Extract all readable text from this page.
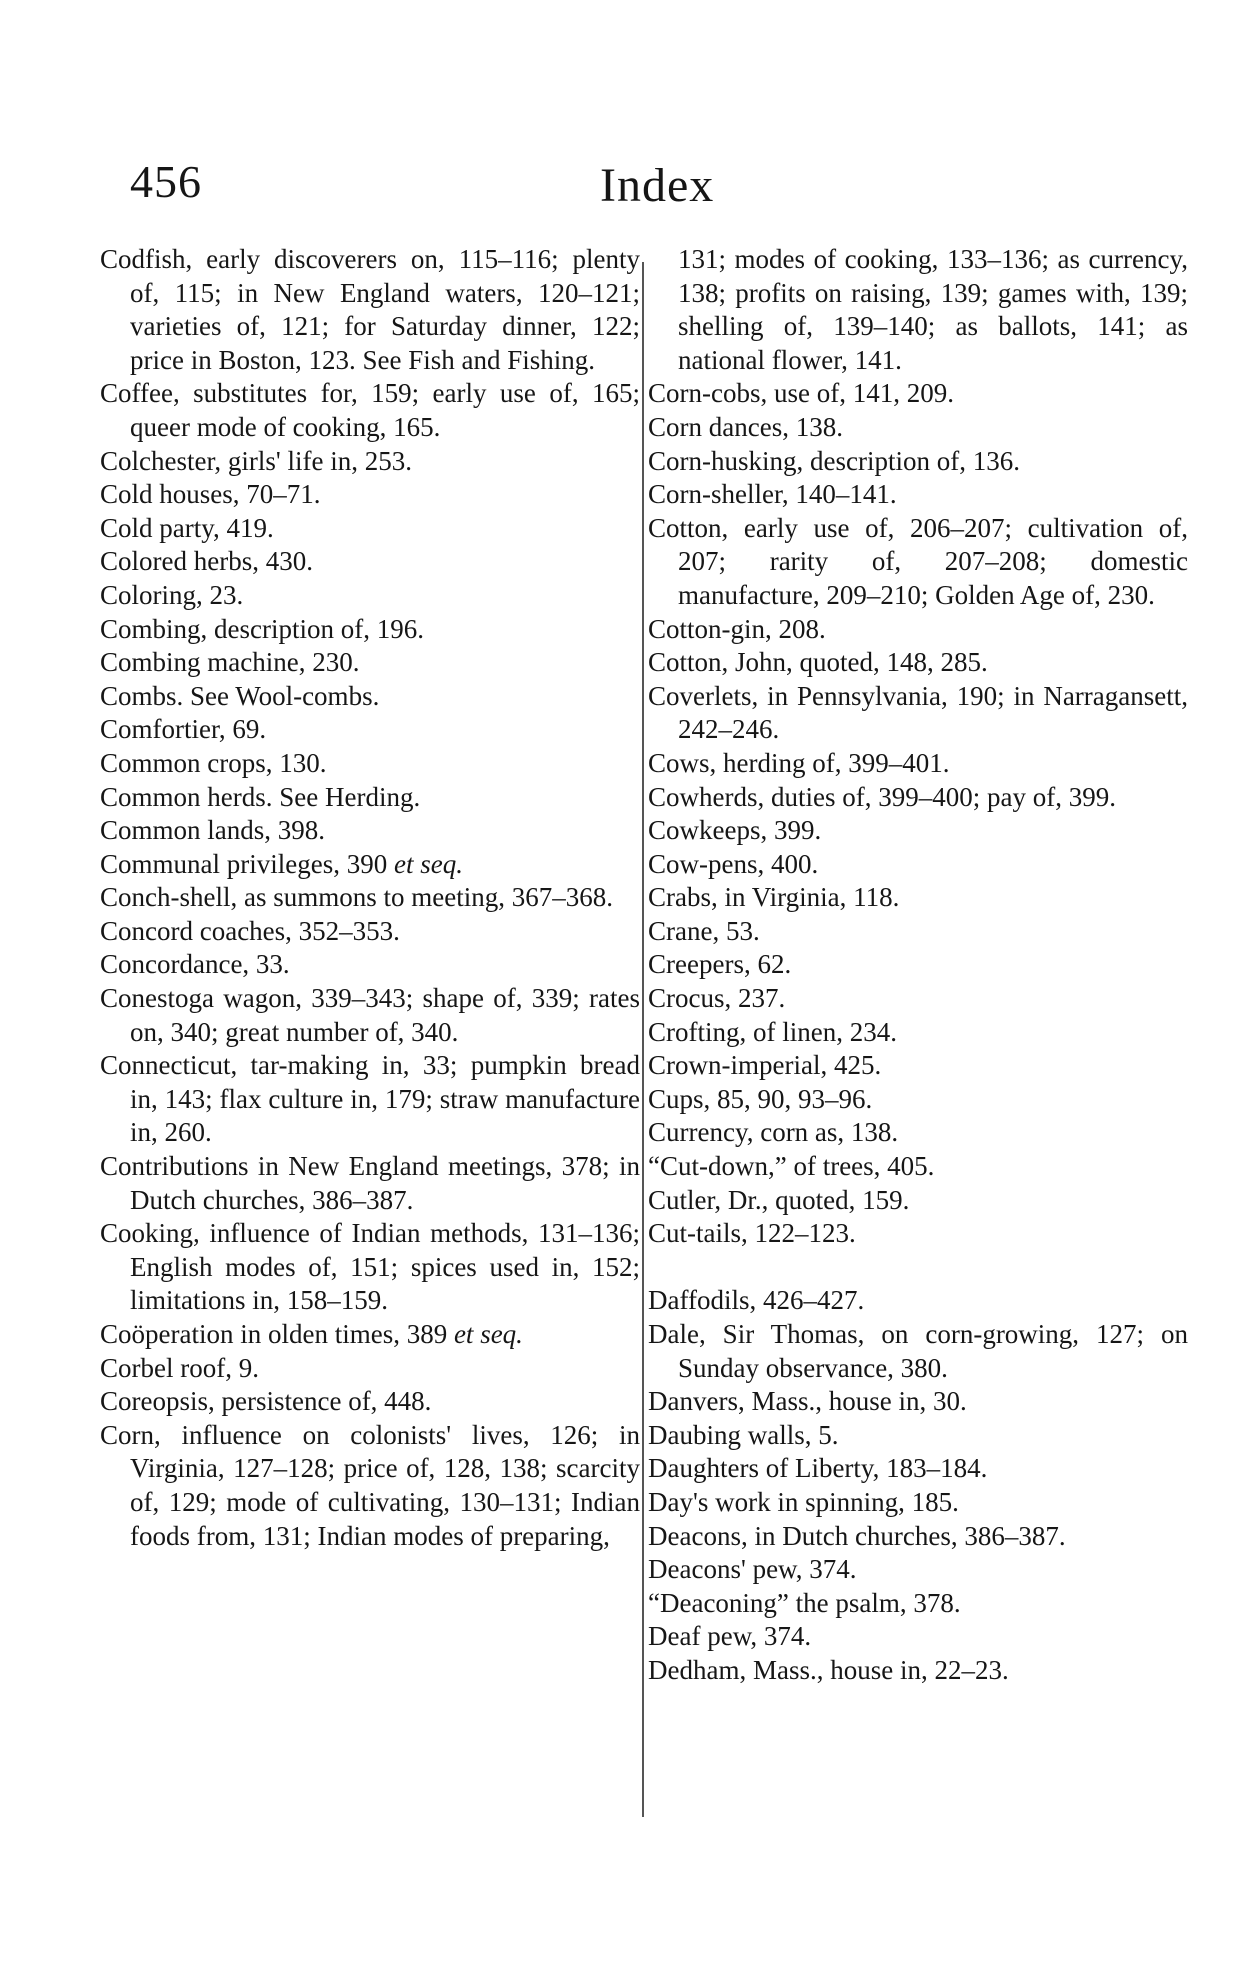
456	Index

Codfish, early discoverers on, 115–116; plenty of, 115; in New England waters, 120–121; varieties of, 121; for Saturday dinner, 122; price in Boston, 123. See Fish and Fishing.

Coffee, substitutes for, 159; early use of, 165; queer mode of cooking, 165.

Colchester, girls' life in, 253.

Cold houses, 70–71.

Cold party, 419.

Colored herbs, 430.

Coloring, 23.

Combing, description of, 196.

Combing machine, 230.

Combs. See Wool-combs.

Comfortier, 69.

Common crops, 130.

Common herds. See Herding.

Common lands, 398.

Communal privileges, 390 et seq.

Conch-shell, as summons to meeting, 367–368.

Concord coaches, 352–353.

Concordance, 33.

Conestoga wagon, 339–343; shape of, 339; rates on, 340; great number of, 340.

Connecticut, tar-making in, 33; pumpkin bread in, 143; flax culture in, 179; straw manufacture in, 260.

Contributions in New England meetings, 378; in Dutch churches, 386–387.

Cooking, influence of Indian methods, 131–136; English modes of, 151; spices used in, 152; limitations in, 158–159.

Coöperation in olden times, 389 et seq.

Corbel roof, 9.

Coreopsis, persistence of, 448.

Corn, influence on colonists' lives, 126; in Virginia, 127–128; price of, 128, 138; scarcity of, 129; mode of cultivating, 130–131; Indian foods from, 131; Indian modes of preparing,

131; modes of cooking, 133–136; as currency, 138; profits on raising, 139; games with, 139; shelling of, 139–140; as ballots, 141; as national flower, 141.

Corn-cobs, use of, 141, 209.

Corn dances, 138.

Corn-husking, description of, 136.

Corn-sheller, 140–141.

Cotton, early use of, 206–207; cultivation of, 207; rarity of, 207–208; domestic manufacture, 209–210; Golden Age of, 230.

Cotton-gin, 208.

Cotton, John, quoted, 148, 285.

Coverlets, in Pennsylvania, 190; in Narragansett, 242–246.

Cows, herding of, 399–401.

Cowherds, duties of, 399–400; pay of, 399.

Cowkeeps, 399.

Cow-pens, 400.

Crabs, in Virginia, 118.

Crane, 53.

Creepers, 62.

Crocus, 237.

Crofting, of linen, 234.

Crown-imperial, 425.

Cups, 85, 90, 93–96.

Currency, corn as, 138.

“Cut-down,” of trees, 405.

Cutler, Dr., quoted, 159.

Cut-tails, 122–123.

Daffodils, 426–427.

Dale, Sir Thomas, on corn-growing, 127; on Sunday observance, 380.

Danvers, Mass., house in, 30.

Daubing walls, 5.

Daughters of Liberty, 183–184.

Day's work in spinning, 185.

Deacons, in Dutch churches, 386–387.

Deacons' pew, 374.

“Deaconing” the psalm, 378.

Deaf pew, 374.

Dedham, Mass., house in, 22–23.
